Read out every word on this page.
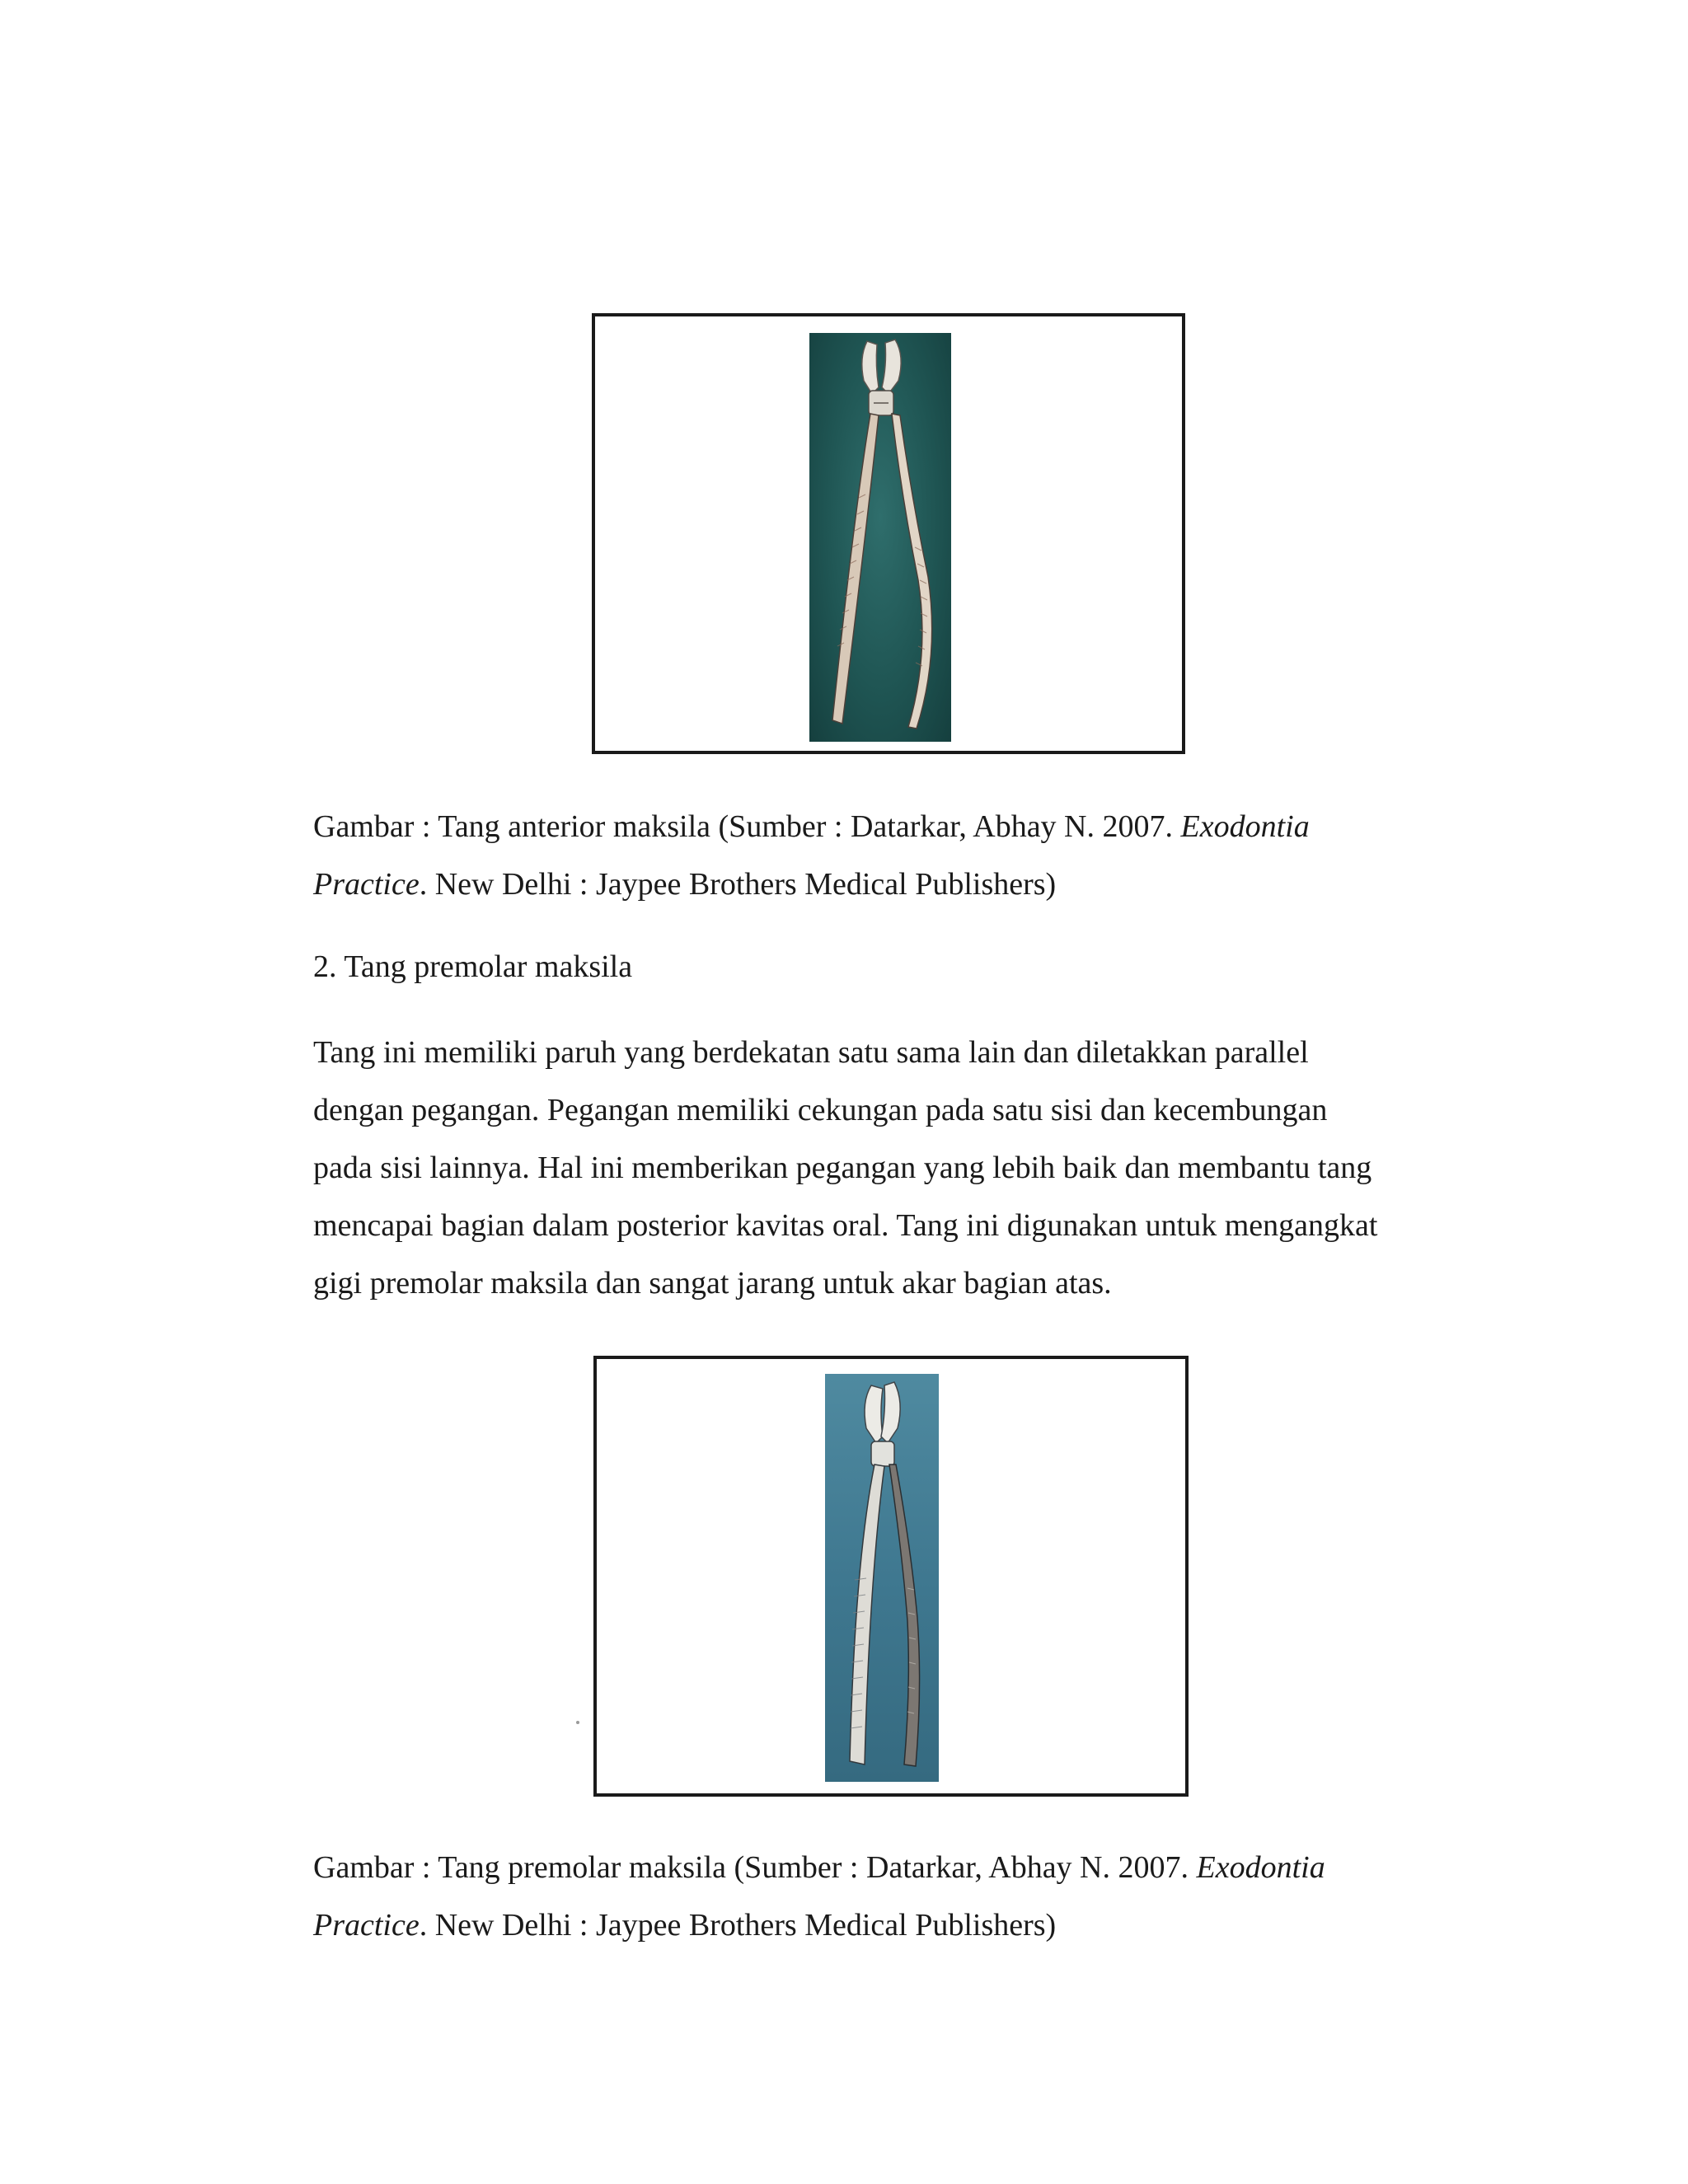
Gambar : Tang anterior maksila (Sumber : Datarkar, Abhay N. 2007. Exodontia
Practice. New Delhi : Jaypee Brothers Medical Publishers)
2. Tang premolar maksila
Tang ini memiliki paruh yang berdekatan satu sama lain dan diletakkan parallel
dengan pegangan. Pegangan memiliki cekungan pada satu sisi dan kecembungan
pada sisi lainnya. Hal ini memberikan pegangan yang lebih baik dan membantu tang
mencapai bagian dalam posterior kavitas oral. Tang ini digunakan untuk mengangkat
gigi premolar maksila dan sangat jarang untuk akar bagian atas.
Gambar : Tang premolar maksila (Sumber : Datarkar, Abhay N. 2007. Exodontia
Practice. New Delhi : Jaypee Brothers Medical Publishers)
